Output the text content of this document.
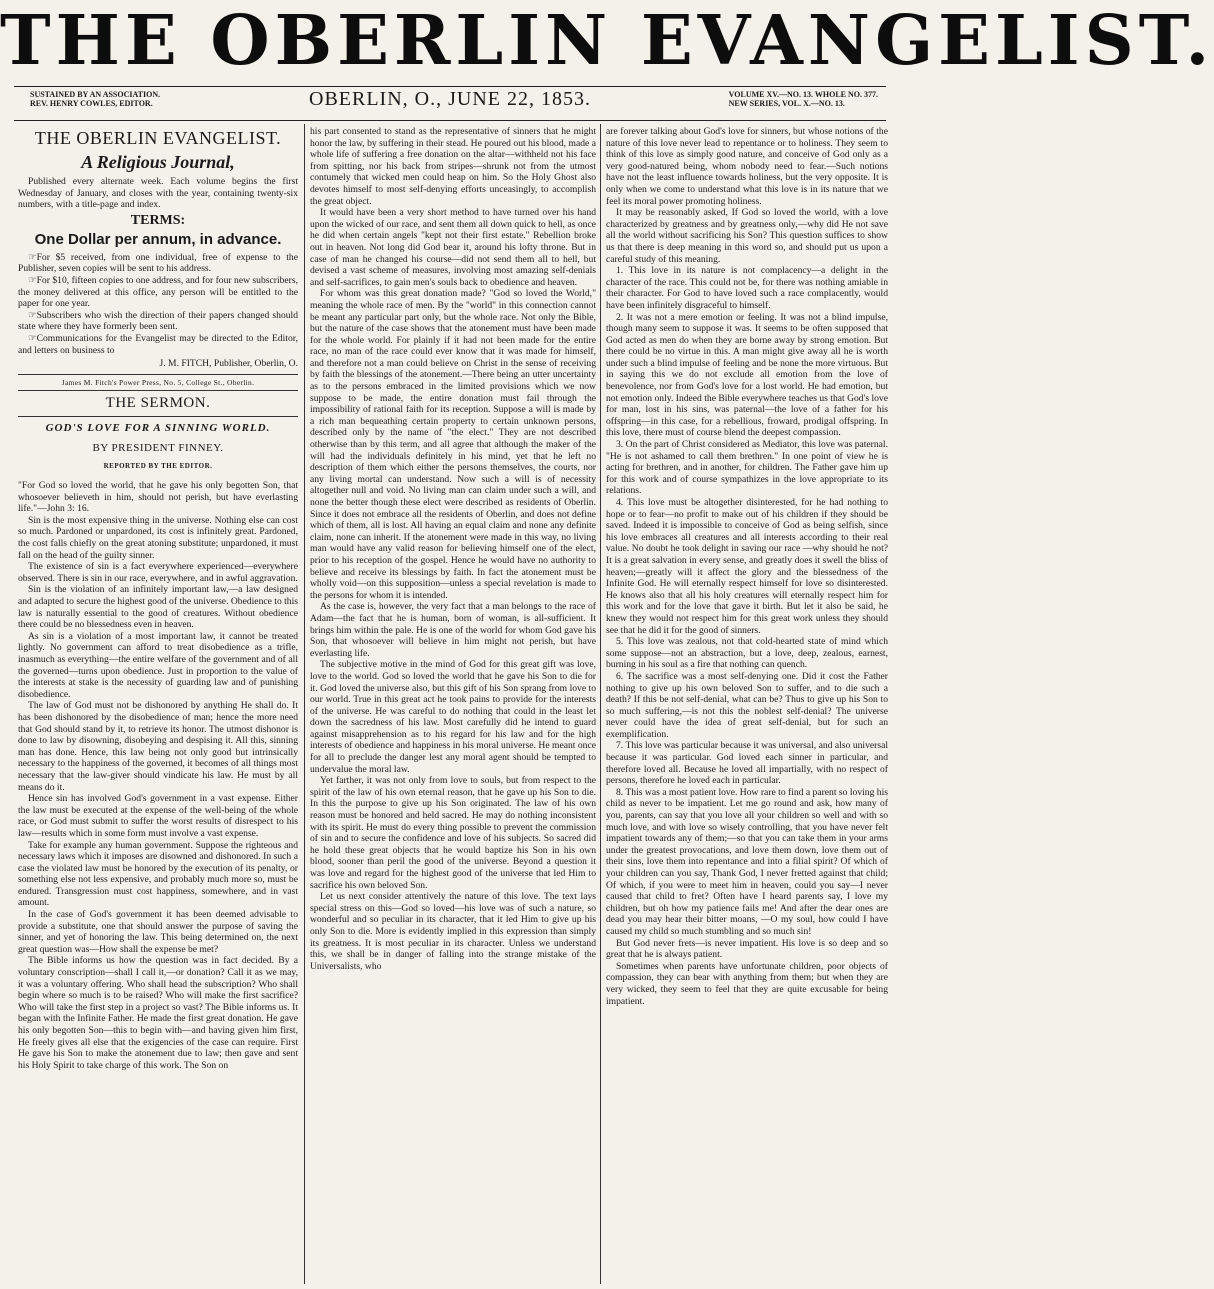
THE OBERLIN EVANGELIST.
SUSTAINED BY AN ASSOCIATION.
REV. HENRY COWLES, EDITOR.	OBERLIN, O., JUNE 22, 1853.	VOLUME XV.—NO. 13. WHOLE NO. 377.
NEW SERIES, VOL. X.—NO. 13.
THE OBERLIN EVANGELIST.
A Religious Journal,

Published every alternate week. Each volume begins the first Wednesday of January, and closes with the year, containing twenty-six numbers, with a title-page and index.

TERMS:
One Dollar per annum, in advance.

☞For $5 received, from one individual, free of expense to the Publisher, seven copies will be sent to his address.

☞For $10, fifteen copies to one address, and for four new subscribers, the money delivered at this office, any person will be entitled to the paper for one year.

☞Subscribers who wish the direction of their papers changed should state where they have formerly been sent.

☞Communications for the Evangelist may be directed to the Editor, and letters on business to

J. M. FITCH, Publisher, Oberlin, O.
James M. Fitch's Power Press, No. 5, College St., Oberlin.
THE SERMON.
GOD'S LOVE FOR A SINNING WORLD.
BY PRESIDENT FINNEY.
REPORTED BY THE EDITOR.

"For God so loved the world, that he gave his only begotten Son, that whosoever believeth in him, should not perish, but have everlasting life."—John 3: 16.

Sin is the most expensive thing in the universe. Nothing else can cost so much. Pardoned or unpardoned, its cost is infinitely great. Pardoned, the cost falls chiefly on the great atoning substitute; unpardoned, it must fall on the head of the guilty sinner.

The existence of sin is a fact everywhere experienced—everywhere observed. There is sin in our race, everywhere, and in awful aggravation.

Sin is the violation of an infinitely important law,—a law designed and adapted to secure the highest good of the universe. Obedience to this law is naturally essential to the good of creatures. Without obedience there could be no blessedness even in heaven.

As sin is a violation of a most important law, it cannot be treated lightly. No government can afford to treat disobedience as a trifle, inasmuch as everything—the entire welfare of the government and of all the governed—turns upon obedience. Just in proportion to the value of the interests at stake is the necessity of guarding law and of punishing disobedience.

The law of God must not be dishonored by anything He shall do. It has been dishonored by the disobedience of man; hence the more need that God should stand by it, to retrieve its honor. The utmost dishonor is done to law by disowning, disobeying and despising it. All this, sinning man has done. Hence, this law being not only good but intrinsically necessary to the happiness of the governed, it becomes of all things most necessary that the law-giver should vindicate his law. He must by all means do it.

Hence sin has involved God's government in a vast expense. Either the law must be executed at the expense of the well-being of the whole race, or God must submit to suffer the worst results of disrespect to his law—results which in some form must involve a vast expense.

Take for example any human government. Suppose the righteous and necessary laws which it imposes are disowned and dishonored. In such a case the violated law must be honored by the execution of its penalty, or something else not less expensive, and probably much more so, must be endured. Transgression must cost happiness, somewhere, and in vast amount.

In the case of God's government it has been deemed advisable to provide a substitute, one that should answer the purpose of saving the sinner, and yet of honoring the law. This being determined on, the next great question was—How shall the expense be met?

The Bible informs us how the question was in fact decided. By a voluntary conscription—shall I call it,—or donation? Call it as we may, it was a voluntary offering. Who shall head the subscription? Who shall begin where so much is to be raised? Who will make the first sacrifice? Who will take the first step in a project so vast? The Bible informs us. It began with the Infinite Father. He made the first great donation. He gave his only begotten Son—this to begin with—and having given him first, He freely gives all else that the exigencies of the case can require. First He gave his Son to make the atonement due to law; then gave and sent his Holy Spirit to take charge of this work. The Son on

his part consented to stand as the representative of sinners that he might honor the law, by suffering in their stead. He poured out his blood, made a whole life of suffering a free donation on the altar—withheld not his face from spitting, nor his back from stripes—shrunk not from the utmost contumely that wicked men could heap on him. So the Holy Ghost also devotes himself to most self-denying efforts unceasingly, to accomplish the great object.

It would have been a very short method to have turned over his hand upon the wicked of our race, and sent them all down quick to hell, as once he did when certain angels "kept not their first estate." Rebellion broke out in heaven. Not long did God bear it, around his lofty throne. But in case of man he changed his course—did not send them all to hell, but devised a vast scheme of measures, involving most amazing self-denials and self-sacrifices, to gain men's souls back to obedience and heaven.

For whom was this great donation made? "God so loved the World," meaning the whole race of men. By the "world" in this connection cannot be meant any particular part only, but the whole race. Not only the Bible, but the nature of the case shows that the atonement must have been made for the whole world. For plainly if it had not been made for the entire race, no man of the race could ever know that it was made for himself, and therefore not a man could believe on Christ in the sense of receiving by faith the blessings of the atonement.—There being an utter uncertainty as to the persons embraced in the limited provisions which we now suppose to be made, the entire donation must fail through the impossibility of rational faith for its reception. Suppose a will is made by a rich man bequeathing certain property to certain unknown persons, described only by the name of "the elect." They are not described otherwise than by this term, and all agree that although the maker of the will had the individuals definitely in his mind, yet that he left no description of them which either the persons themselves, the courts, nor any living mortal can understand. Now such a will is of necessity altogether null and void. No living man can claim under such a will, and none the better though these elect were described as residents of Oberlin. Since it does not embrace all the residents of Oberlin, and does not define which of them, all is lost. All having an equal claim and none any definite claim, none can inherit. If the atonement were made in this way, no living man would have any valid reason for believing himself one of the elect, prior to his reception of the gospel. Hence he would have no authority to believe and receive its blessings by faith. In fact the atonement must be wholly void—on this supposition—unless a special revelation is made to the persons for whom it is intended.

As the case is, however, the very fact that a man belongs to the race of Adam—the fact that he is human, born of woman, is all-sufficient. It brings him within the pale. He is one of the world for whom God gave his Son, that whosoever will believe in him might not perish, but have everlasting life.

The subjective motive in the mind of God for this great gift was love, love to the world. God so loved the world that he gave his Son to die for it. God loved the universe also, but this gift of his Son sprang from love to our world. True in this great act he took pains to provide for the interests of the universe. He was careful to do nothing that could in the least let down the sacredness of his law. Most carefully did he intend to guard against misapprehension as to his regard for his law and for the high interests of obedience and happiness in his moral universe. He meant once for all to preclude the danger lest any moral agent should be tempted to undervalue the moral law.

Yet farther, it was not only from love to souls, but from respect to the spirit of the law of his own eternal reason, that he gave up his Son to die. In this the purpose to give up his Son originated. The law of his own reason must be honored and held sacred. He may do nothing inconsistent with its spirit. He must do every thing possible to prevent the commission of sin and to secure the confidence and love of his subjects. So sacred did he hold these great objects that he would baptize his Son in his own blood, sooner than peril the good of the universe. Beyond a question it was love and regard for the highest good of the universe that led Him to sacrifice his own beloved Son.

Let us next consider attentively the nature of this love. The text lays special stress on this—God so loved—his love was of such a nature, so wonderful and so peculiar in its character, that it led Him to give up his only Son to die. More is evidently implied in this expression than simply its greatness. It is most peculiar in its character. Unless we understand this, we shall be in danger of falling into the strange mistake of the Universalists, who

are forever talking about God's love for sinners, but whose notions of the nature of this love never lead to repentance or to holiness. They seem to think of this love as simply good nature, and conceive of God only as a very good-natured being, whom nobody need to fear.—Such notions have not the least influence towards holiness, but the very opposite. It is only when we come to understand what this love is in its nature that we feel its moral power promoting holiness.

It may be reasonably asked, If God so loved the world, with a love characterized by greatness and by greatness only,—why did He not save all the world without sacrificing his Son? This question suffices to show us that there is deep meaning in this word so, and should put us upon a careful study of this meaning.

1. This love in its nature is not complacency—a delight in the character of the race. This could not be, for there was nothing amiable in their character. For God to have loved such a race complacently, would have been infinitely disgraceful to himself.

2. It was not a mere emotion or feeling. It was not a blind impulse, though many seem to suppose it was. It seems to be often supposed that God acted as men do when they are borne away by strong emotion. But there could be no virtue in this. A man might give away all he is worth under such a blind impulse of feeling and be none the more virtuous. But in saying this we do not exclude all emotion from the love of benevolence, nor from God's love for a lost world. He had emotion, but not emotion only. Indeed the Bible everywhere teaches us that God's love for man, lost in his sins, was paternal—the love of a father for his offspring—in this case, for a rebellious, froward, prodigal offspring. In this love, there must of course blend the deepest compassion.

3. On the part of Christ considered as Mediator, this love was paternal. "He is not ashamed to call them brethren." In one point of view he is acting for brethren, and in another, for children. The Father gave him up for this work and of course sympathizes in the love appropriate to its relations.

4. This love must be altogether disinterested, for he had nothing to hope or to fear—no profit to make out of his children if they should be saved. Indeed it is impossible to conceive of God as being selfish, since his love embraces all creatures and all interests according to their real value. No doubt he took delight in saving our race —why should he not? It is a great salvation in every sense, and greatly does it swell the bliss of heaven;—greatly will it affect the glory and the blessedness of the Infinite God. He will eternally respect himself for love so disinterested. He knows also that all his holy creatures will eternally respect him for this work and for the love that gave it birth. But let it also be said, he knew they would not respect him for this great work unless they should see that he did it for the good of sinners.

5. This love was zealous, not that cold-hearted state of mind which some suppose—not an abstraction, but a love, deep, zealous, earnest, burning in his soul as a fire that nothing can quench.

6. The sacrifice was a most self-denying one. Did it cost the Father nothing to give up his own beloved Son to suffer, and to die such a death? If this be not self-denial, what can be? Thus to give up his Son to so much suffering,—is not this the noblest self-denial? The universe never could have the idea of great self-denial, but for such an exemplification.

7. This love was particular because it was universal, and also universal because it was particular. God loved each sinner in particular, and therefore loved all. Because he loved all impartially, with no respect of persons, therefore he loved each in particular.

8. This was a most patient love. How rare to find a parent so loving his child as never to be impatient. Let me go round and ask, how many of you, parents, can say that you love all your children so well and with so much love, and with love so wisely controlling, that you have never felt impatient towards any of them;—so that you can take them in your arms under the greatest provocations, and love them down, love them out of their sins, love them into repentance and into a filial spirit? Of which of your children can you say, Thank God, I never fretted against that child; Of which, if you were to meet him in heaven, could you say—I never caused that child to fret? Often have I heard parents say, I love my children, but oh how my patience fails me! And after the dear ones are dead you may hear their bitter moans, —O my soul, how could I have caused my child so much stumbling and so much sin!

But God never frets—is never impatient. His love is so deep and so great that he is always patient.

Sometimes when parents have unfortunate children, poor objects of compassion, they can bear with anything from them; but when they are very wicked, they seem to feel that they are quite excusable for being impatient.
